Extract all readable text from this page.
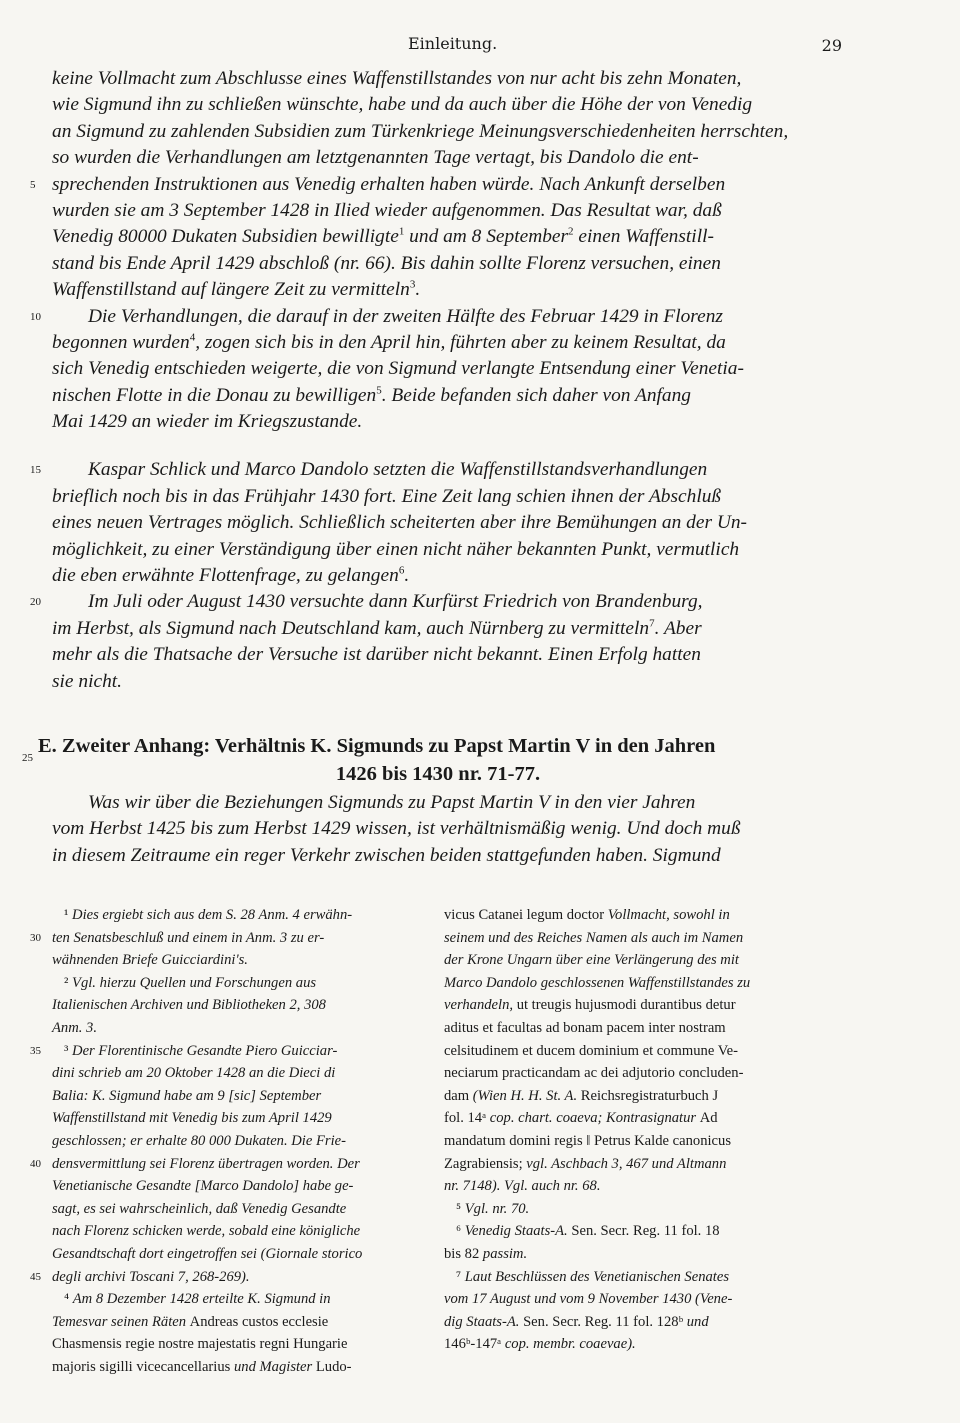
Einleitung.	29
keine Vollmacht zum Abschlusse eines Waffenstillstandes von nur acht bis zehn Monaten,
wie Sigmund ihn zu schließen wünschte, habe und da auch über die Höhe der von Venedig
an Sigmund zu zahlenden Subsidien zum Türkenkriege Meinungsverschiedenheiten herrschten,
so wurden die Verhandlungen am letztgenannten Tage vertagt, bis Dandolo die ent-
5 sprechenden Instruktionen aus Venedig erhalten haben würde. Nach Ankunft derselben
wurden sie am 3 September 1428 in Ilied wieder aufgenommen. Das Resultat war, daß
Venedig 80000 Dukaten Subsidien bewilligte$^1$ und am 8 September$^2$ einen Waffenstill-
stand bis Ende April 1429 abschloß (nr. 66). Bis dahin sollte Florenz versuchen, einen
Waffenstillstand auf längere Zeit zu vermitteln$^3$.
10 Die Verhandlungen, die darauf in der zweiten Hälfte des Februar 1429 in Florenz
begonnen wurden$^4$, zogen sich bis in den April hin, führten aber zu keinem Resultat, da
sich Venedig entschieden weigerte, die von Sigmund verlangte Entsendung einer Venetia-
nischen Flotte in die Donau zu bewilligen$^5$. Beide befanden sich daher von Anfang
Mai 1429 an wieder im Kriegszustande.
15 Kaspar Schlick und Marco Dandolo setzten die Waffenstillstandsverhandlungen
brieflich noch bis in das Frühjahr 1430 fort. Eine Zeit lang schien ihnen der Abschluß
eines neuen Vertrages möglich. Schließlich scheiterten aber ihre Bemühungen an der Un-
möglichkeit, zu einer Verständigung über einen nicht näher bekannten Punkt, vermutlich
die eben erwähnte Flottenfrage, zu gelangen$^6$.
20 Im Juli oder August 1430 versuchte dann Kurfürst Friedrich von Brandenburg,
im Herbst, als Sigmund nach Deutschland kam, auch Nürnberg zu vermitteln$^7$. Aber
mehr als die Thatsache der Versuche ist darüber nicht bekannt. Einen Erfolg hatten
sie nicht.
E. Zweiter Anhang: Verhältnis K. Sigmunds zu Papst Martin V in den Jahren
1426 bis 1430 nr. 71-77.
25
Was wir über die Beziehungen Sigmunds zu Papst Martin V in den vier Jahren
vom Herbst 1425 bis zum Herbst 1429 wissen, ist verhältnismäßig wenig. Und doch muß
in diesem Zeitraume ein reger Verkehr zwischen beiden stattgefunden haben. Sigmund
¹ Dies ergiebt sich aus dem S. 28 Anm. 4 erwähn-
30 ten Senatsbeschluß und einem in Anm. 3 zu er-
wähnenden Briefe Guicciardini's.
² Vgl. hierzu Quellen und Forschungen aus
Italienischen Archiven und Bibliotheken 2, 308
Anm. 3.
35 ³ Der Florentinische Gesandte Piero Guicciar-
dini schrieb am 20 Oktober 1428 an die Dieci di
Balia: K. Sigmund habe am 9 [sic] September
Waffenstillstand mit Venedig bis zum April 1429
geschlossen; er erhalte 80 000 Dukaten. Die Frie-
40 densvermittlung sei Florenz übertragen worden. Der
Venetianische Gesandte [Marco Dandolo] habe ge-
sagt, es sei wahrscheinlich, daß Venedig Gesandte
nach Florenz schicken werde, sobald eine königliche
Gesandtschaft dort eingetroffen sei (Giornale storico
45 degli archivi Toscani 7, 268-269).
⁴ Am 8 Dezember 1428 erteilte K. Sigmund in
Temesvar seinen Räten Andreas custos ecclesie
Chasmensis regie nostre majestatis regni Hungarie
majoris sigilli vicecancellarius und Magister Ludo-
vicus Catanei legum doctor Vollmacht, sowohl in
seinem und des Reiches Namen als auch im Namen
der Krone Ungarn über eine Verlängerung des mit
Marco Dandolo geschlossenen Waffenstillstandes zu
verhandeln, ut treugis hujusmodi durantibus detur
aditus et facultas ad bonam pacem inter nostram
celsitudinem et ducem dominium et commune Ve-
neciarum practicandam ac dei adjutorio concluden-
dam (Wien H. H. St. A. Reichsregistraturbuch J
fol. 14ᵃ cop. chart. coaeva; Kontrasignatur Ad
mandatum domini regis ‖ Petrus Kalde canonicus
Zagrabiensis; vgl. Aschbach 3, 467 und Altmann
nr. 7148). Vgl. auch nr. 68.
⁵ Vgl. nr. 70.
⁶ Venedig Staats-A. Sen. Secr. Reg. 11 fol. 18
bis 82 passim.
⁷ Laut Beschlüssen des Venetianischen Senates
vom 17 August und vom 9 November 1430 (Vene-
dig Staats-A. Sen. Secr. Reg. 11 fol. 128ᵇ und
146ᵇ-147ᵃ cop. membr. coaevae).
